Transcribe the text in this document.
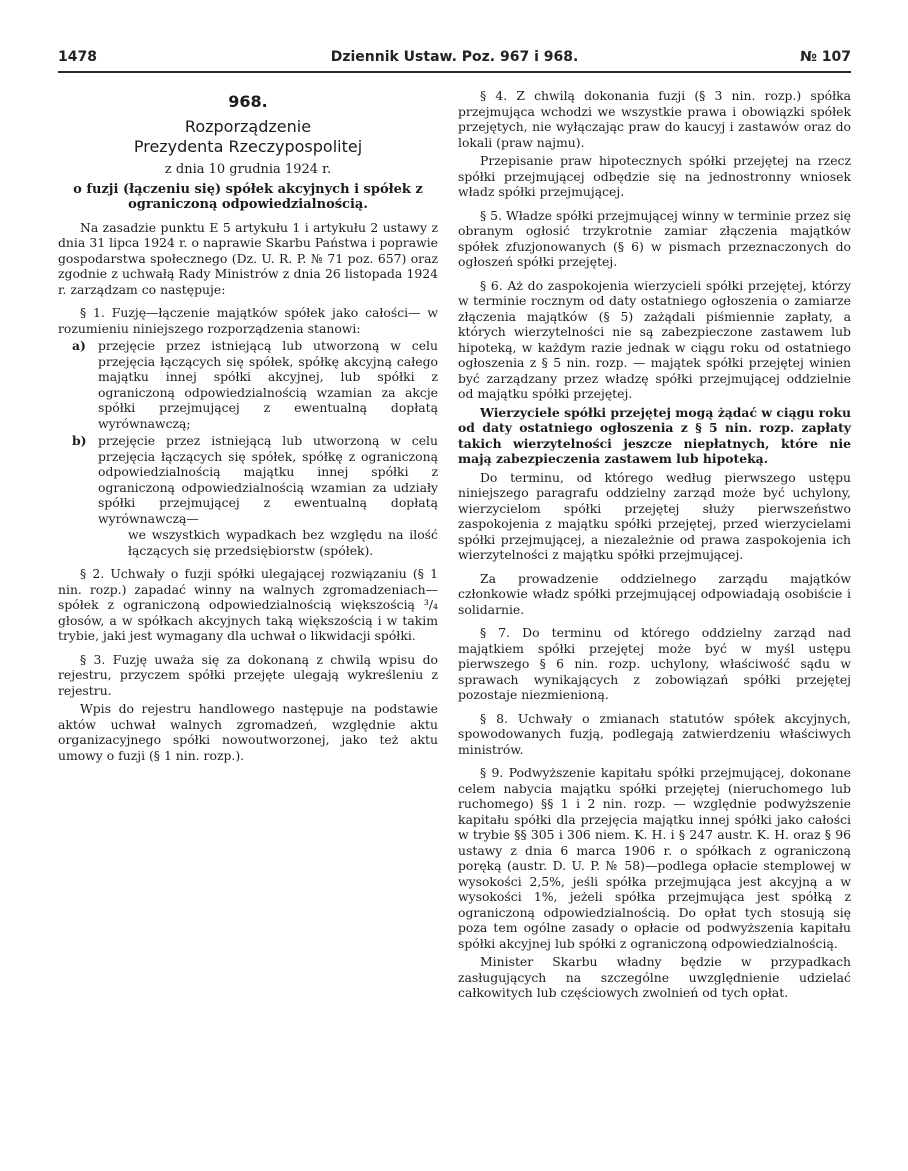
1478	Dziennik Ustaw. Poz. 967 i 968.	№ 107

968.

Rozporządzenie

Prezydenta Rzeczypospolitej

z dnia 10 grudnia 1924 r.

o fuzji (łączeniu się) spółek akcyjnych i spółek z ograniczoną odpowiedzialnością.

Na zasadzie punktu E 5 artykułu 1 i artykułu 2 ustawy z dnia 31 lipca 1924 r. o naprawie Skarbu Państwa i poprawie gospodarstwa społecznego (Dz. U. R. P. № 71 poz. 657) oraz zgodnie z uchwałą Rady Ministrów z dnia 26 listopada 1924 r. zarządzam co następuje:

§ 1. Fuzję—łączenie majątków spółek jako całości— w rozumieniu niniejszego rozporządzenia stanowi:

a) przejęcie przez istniejącą lub utworzoną w celu przejęcia łączących się spółek, spółkę akcyjną całego majątku innej spółki akcyjnej, lub spółki z ograniczoną odpowiedzialnością wzamian za akcje spółki przejmującej z ewentualną dopłatą wyrównawczą;
b) przejęcie przez istniejącą lub utworzoną w celu przejęcia łączących się spółek, spółkę z ograniczoną odpowiedzialnością majątku innej spółki z ograniczoną odpowiedzialnością wzamian za udziały spółki przejmującej z ewentualną dopłatą wyrównawczą—

we wszystkich wypadkach bez względu na ilość łączących się przedsiębiorstw (spółek).

§ 2. Uchwały o fuzji spółki ulegającej rozwiązaniu (§ 1 nin. rozp.) zapadać winny na walnych zgromadzeniach—spółek z ograniczoną odpowiedzialnością większością ³/₄ głosów, a w spółkach akcyjnych taką większością i w takim trybie, jaki jest wymagany dla uchwał o likwidacji spółki.

§ 3. Fuzję uważa się za dokonaną z chwilą wpisu do rejestru, przyczem spółki przejęte ulegają wykreśleniu z rejestru.

Wpis do rejestru handlowego następuje na podstawie aktów uchwał walnych zgromadzeń, względnie aktu organizacyjnego spółki nowoutworzonej, jako też aktu umowy o fuzji (§ 1 nin. rozp.).

§ 4. Z chwilą dokonania fuzji (§ 3 nin. rozp.) spółka przejmująca wchodzi we wszystkie prawa i obowiązki spółek przejętych, nie wyłączając praw do kaucyj i zastawów oraz do lokali (praw najmu).

Przepisanie praw hipotecznych spółki przejętej na rzecz spółki przejmującej odbędzie się na jednostronny wniosek władz spółki przejmującej.

§ 5. Władze spółki przejmującej winny w terminie przez się obranym ogłosić trzykrotnie zamiar złączenia majątków spółek zfuzjonowanych (§ 6) w pismach przeznaczonych do ogłoszeń spółki przejętej.

§ 6. Aż do zaspokojenia wierzycieli spółki przejętej, którzy w terminie rocznym od daty ostatniego ogłoszenia o zamiarze złączenia majątków (§ 5) zażądali piśmiennie zapłaty, a których wierzytelności nie są zabezpieczone zastawem lub hipoteką, w każdym razie jednak w ciągu roku od ostatniego ogłoszenia z § 5 nin. rozp. — majątek spółki przejętej winien być zarządzany przez władzę spółki przejmującej oddzielnie od majątku spółki przejętej.

Wierzyciele spółki przejętej mogą żądać w ciągu roku od daty ostatniego ogłoszenia z § 5 nin. rozp. zapłaty takich wierzytelności jeszcze niepłatnych, które nie mają zabezpieczenia zastawem lub hipoteką.

Do terminu, od którego według pierwszego ustępu niniejszego paragrafu oddzielny zarząd może być uchylony, wierzycielom spółki przejętej służy pierwszeństwo zaspokojenia z majątku spółki przejętej, przed wierzycielami spółki przejmującej, a niezależnie od prawa zaspokojenia ich wierzytelności z majątku spółki przejmującej.

Za prowadzenie oddzielnego zarządu majątków członkowie władz spółki przejmującej odpowiadają osobiście i solidarnie.

§ 7. Do terminu od którego oddzielny zarząd nad majątkiem spółki przejętej może być w myśl ustępu pierwszego § 6 nin. rozp. uchylony, właściwość sądu w sprawach wynikających z zobowiązań spółki przejętej pozostaje niezmienioną.

§ 8. Uchwały o zmianach statutów spółek akcyjnych, spowodowanych fuzją, podlegają zatwierdzeniu właściwych ministrów.

§ 9. Podwyższenie kapitału spółki przejmującej, dokonane celem nabycia majątku spółki przejętej (nieruchomego lub ruchomego) §§ 1 i 2 nin. rozp. — względnie podwyższenie kapitału spółki dla przejęcia majątku innej spółki jako całości w trybie §§ 305 i 306 niem. K. H. i § 247 austr. K. H. oraz § 96 ustawy z dnia 6 marca 1906 r. o spółkach z ograniczoną poręką (austr. D. U. P. № 58)—podlega opłacie stemplowej w wysokości 2,5%, jeśli spółka przejmująca jest akcyjną a w wysokości 1%, jeżeli spółka przejmująca jest spółką z ograniczoną odpowiedzialnością. Do opłat tych stosują się poza tem ogólne zasady o opłacie od podwyższenia kapitału spółki akcyjnej lub spółki z ograniczoną odpowiedzialnością.

Minister Skarbu władny będzie w przypadkach zasługujących na szczególne uwzględnienie udzielać całkowitych lub częściowych zwolnień od tych opłat.
